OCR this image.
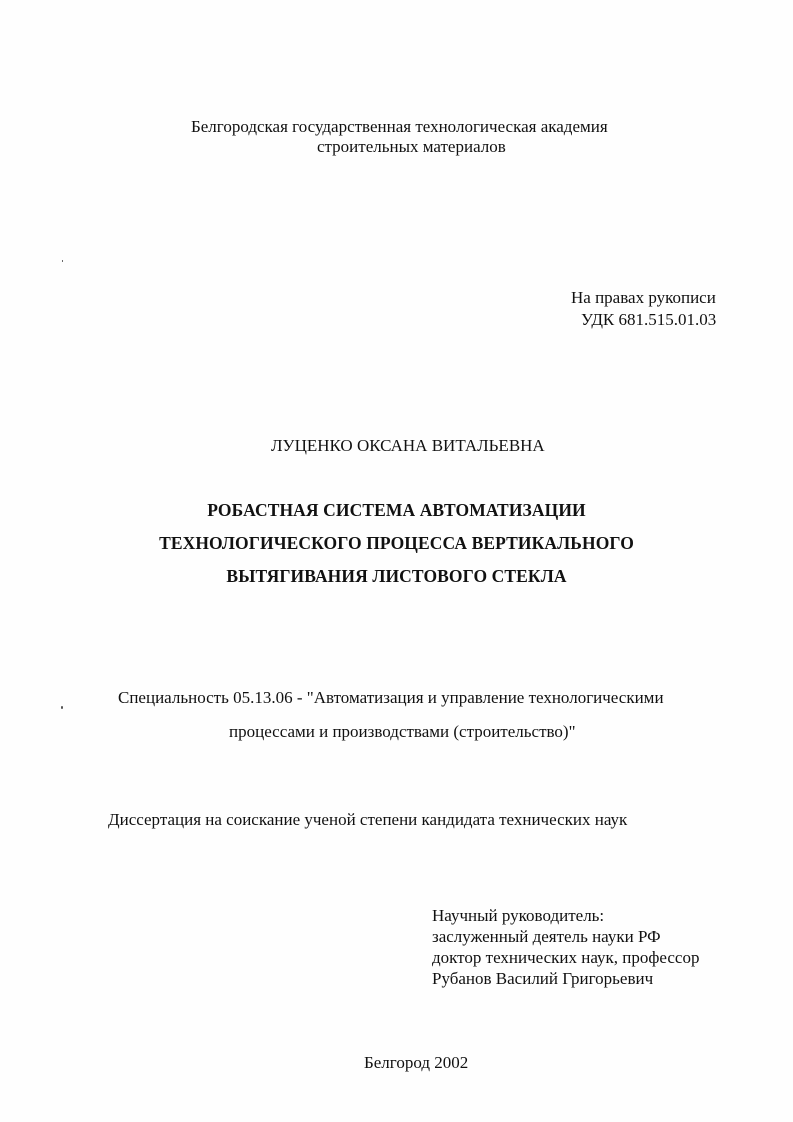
Белгородская государственная технологическая академия
строительных материалов
На правах рукописи
УДК 681.515.01.03
ЛУЦЕНКО ОКСАНА ВИТАЛЬЕВНА
РОБАСТНАЯ СИСТЕМА АВТОМАТИЗАЦИИ
ТЕХНОЛОГИЧЕСКОГО ПРОЦЕССА ВЕРТИКАЛЬНОГО
ВЫТЯГИВАНИЯ ЛИСТОВОГО СТЕКЛА
Специальность 05.13.06 - "Автоматизация и управление технологическими
процессами и производствами (строительство)"
Диссертация на соискание ученой степени кандидата технических наук
Научный руководитель:
заслуженный деятель науки РФ
доктор технических наук, профессор
Рубанов Василий Григорьевич
Белгород 2002
